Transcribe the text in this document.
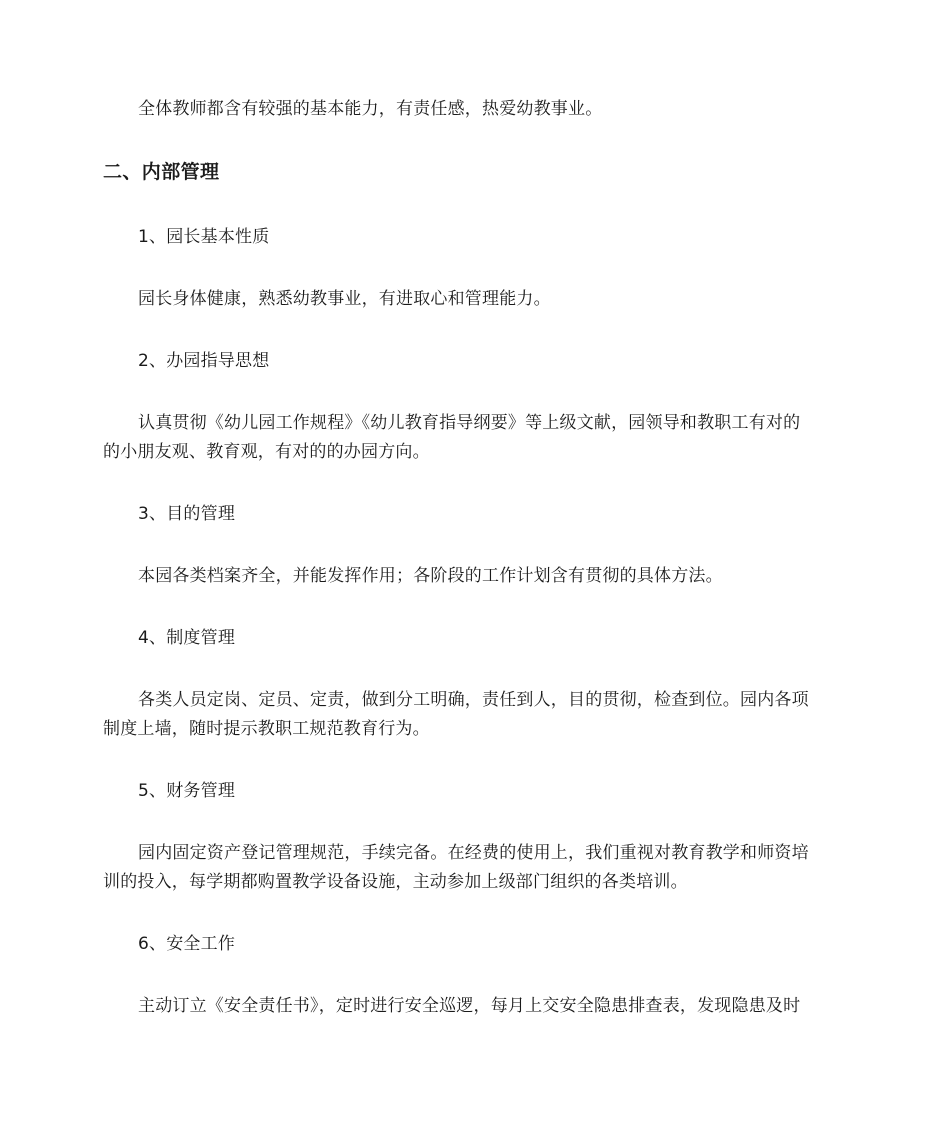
全体教师都含有较强的基本能力，有责任感，热爱幼教事业。
二、内部管理
1、园长基本性质
园长身体健康，熟悉幼教事业，有进取心和管理能力。
2、办园指导思想
认真贯彻《幼儿园工作规程》《幼儿教育指导纲要》等上级文献，园领导和教职工有对的
的小朋友观、教育观，有对的的办园方向。
3、目的管理
本园各类档案齐全，并能发挥作用；各阶段的工作计划含有贯彻的具体方法。
4、制度管理
各类人员定岗、定员、定责，做到分工明确，责任到人，目的贯彻，检查到位。园内各项
制度上墙，随时提示教职工规范教育行为。
5、财务管理
园内固定资产登记管理规范，手续完备。在经费的使用上，我们重视对教育教学和师资培
训的投入，每学期都购置教学设备设施，主动参加上级部门组织的各类培训。
6、安全工作
主动订立《安全责任书》，定时进行安全巡逻，每月上交安全隐患排查表，发现隐患及时
